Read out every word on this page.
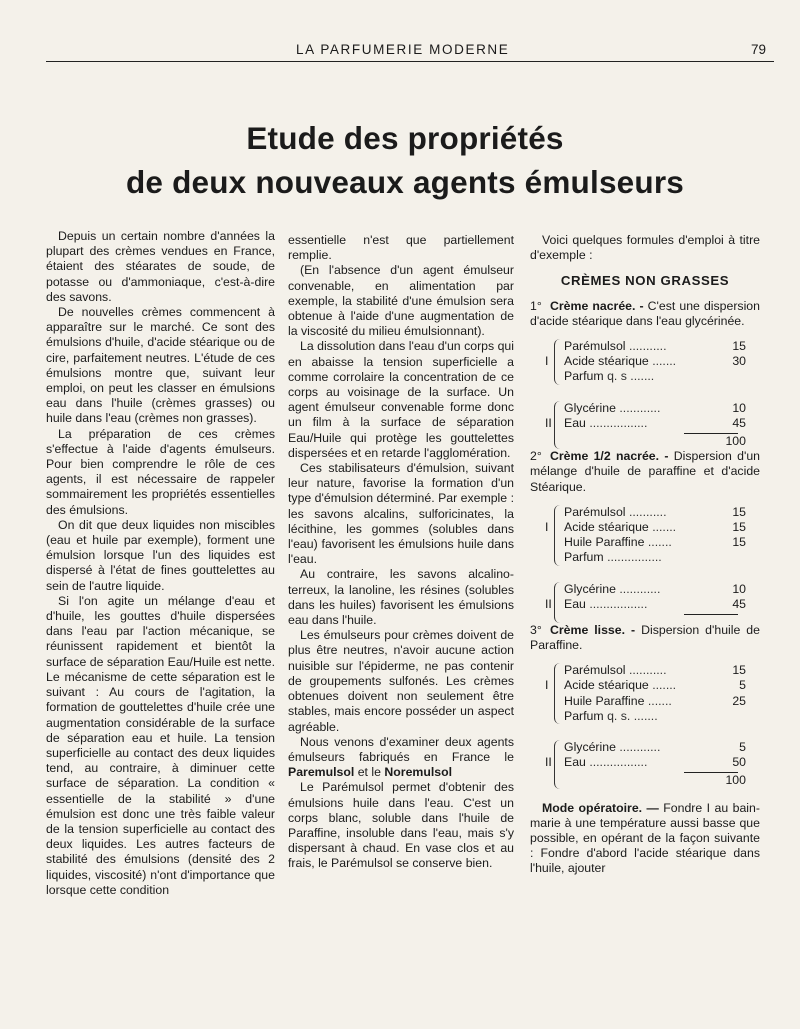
LA PARFUMERIE MODERNE	79
Etude des propriétés
de deux nouveaux agents émulseurs

Depuis un certain nombre d'années la plupart des crèmes vendues en France, étaient des stéarates de soude, de potasse ou d'ammoniaque, c'est-à-dire des savons.

De nouvelles crèmes commencent à apparaître sur le marché. Ce sont des émulsions d'huile, d'acide stéarique ou de cire, parfaitement neutres. L'étude de ces émulsions montre que, suivant leur emploi, on peut les classer en émulsions eau dans l'huile (crèmes grasses) ou huile dans l'eau (crèmes non grasses).

La préparation de ces crèmes s'effectue à l'aide d'agents émulseurs. Pour bien comprendre le rôle de ces agents, il est nécessaire de rappeler sommairement les propriétés essentielles des émulsions.

On dit que deux liquides non miscibles (eau et huile par exemple), forment une émulsion lorsque l'un des liquides est dispersé à l'état de fines gouttelettes au sein de l'autre liquide.

Si l'on agite un mélange d'eau et d'huile, les gouttes d'huile dispersées dans l'eau par l'action mécanique, se réunissent rapidement et bientôt la surface de séparation Eau/Huile est nette. Le mécanisme de cette séparation est le suivant : Au cours de l'agitation, la formation de gouttelettes d'huile crée une augmentation considérable de la surface de séparation eau et huile. La tension superficielle au contact des deux liquides tend, au contraire, à diminuer cette surface de séparation. La condition « essentielle de la stabilité » d'une émulsion est donc une très faible valeur de la tension superficielle au contact des deux liquides. Les autres facteurs de stabilité des émulsions (densité des 2 liquides, viscosité) n'ont d'importance que lorsque cette condition

essentielle n'est que partiellement remplie.

(En l'absence d'un agent émulseur convenable, en alimentation par exemple, la stabilité d'une émulsion sera obtenue à l'aide d'une augmentation de la viscosité du milieu émulsionnant).

La dissolution dans l'eau d'un corps qui en abaisse la tension superficielle a comme corrolaire la concentration de ce corps au voisinage de la surface. Un agent émulseur convenable forme donc un film à la surface de séparation Eau/Huile qui protège les gouttelettes dispersées et en retarde l'agglomération.

Ces stabilisateurs d'émulsion, suivant leur nature, favorise la formation d'un type d'émulsion déterminé. Par exemple : les savons alcalins, sulforicinates, la lécithine, les gommes (solubles dans l'eau) favorisent les émulsions huile dans l'eau.

Au contraire, les savons alcalino-terreux, la lanoline, les résines (solubles dans les huiles) favorisent les émulsions eau dans l'huile.

Les émulseurs pour crèmes doivent de plus être neutres, n'avoir aucune action nuisible sur l'épiderme, ne pas contenir de groupements sulfonés. Les crèmes obtenues doivent non seulement être stables, mais encore posséder un aspect agréable.

Nous venons d'examiner deux agents émulseurs fabriqués en France le Paremulsol et le Noremulsol

Le Parémulsol permet d'obtenir des émulsions huile dans l'eau. C'est un corps blanc, soluble dans l'huile de Paraffine, insoluble dans l'eau, mais s'y dispersant à chaud. En vase clos et au frais, le Parémulsol se conserve bien.

Voici quelques formules d'emploi à titre d'exemple :

CRÈMES NON GRASSES

1° Crème nacrée. - C'est une dispersion d'acide stéarique dans l'eau glycérinée.

I
Parémulsol ...........	15
Acide stéarique .......	30
Parfum q. s .......
II
Glycérine ............	10
Eau .................	45
100

2° Crème 1/2 nacrée. - Dispersion d'un mélange d'huile de paraffine et d'acide Stéarique.

I
Parémulsol ...........	15
Acide stéarique .......	15
Huile Paraffine .......	15
Parfum ................
II
Glycérine ............	10
Eau .................	45

3° Crème lisse. - Dispersion d'huile de Paraffine.

I
Parémulsol ...........	15
Acide stéarique .......	5
Huile Paraffine .......	25
Parfum q. s. .......
II
Glycérine ............	5
Eau .................	50
100

Mode opératoire. — Fondre I au bain-marie à une température aussi basse que possible, en opérant de la façon suivante : Fondre d'abord l'acide stéarique dans l'huile, ajouter
